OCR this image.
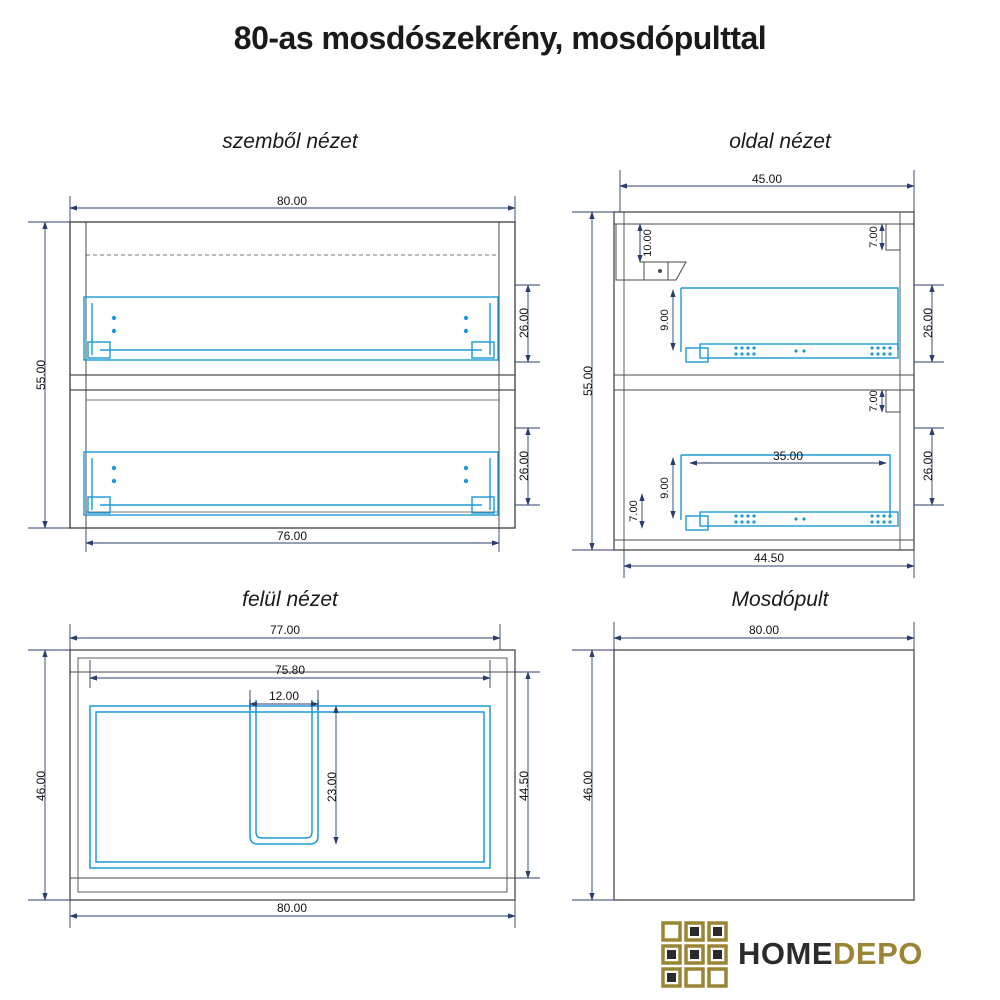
80-as mosdószekrény, mosdópulttal
szemből nézet	oldal nézet
felül nézet	Mosdópult
80.00
76.00
55.00
26.00
26.00
45.00
44.50
55.00
26.00
26.00
10.00	7.00
7.00
9.00
9.00
7.00
35.00
77.00
75.80
12.00
46.00	44.50
23.00
80.00
80.00
46.00
HOMEDEPO
